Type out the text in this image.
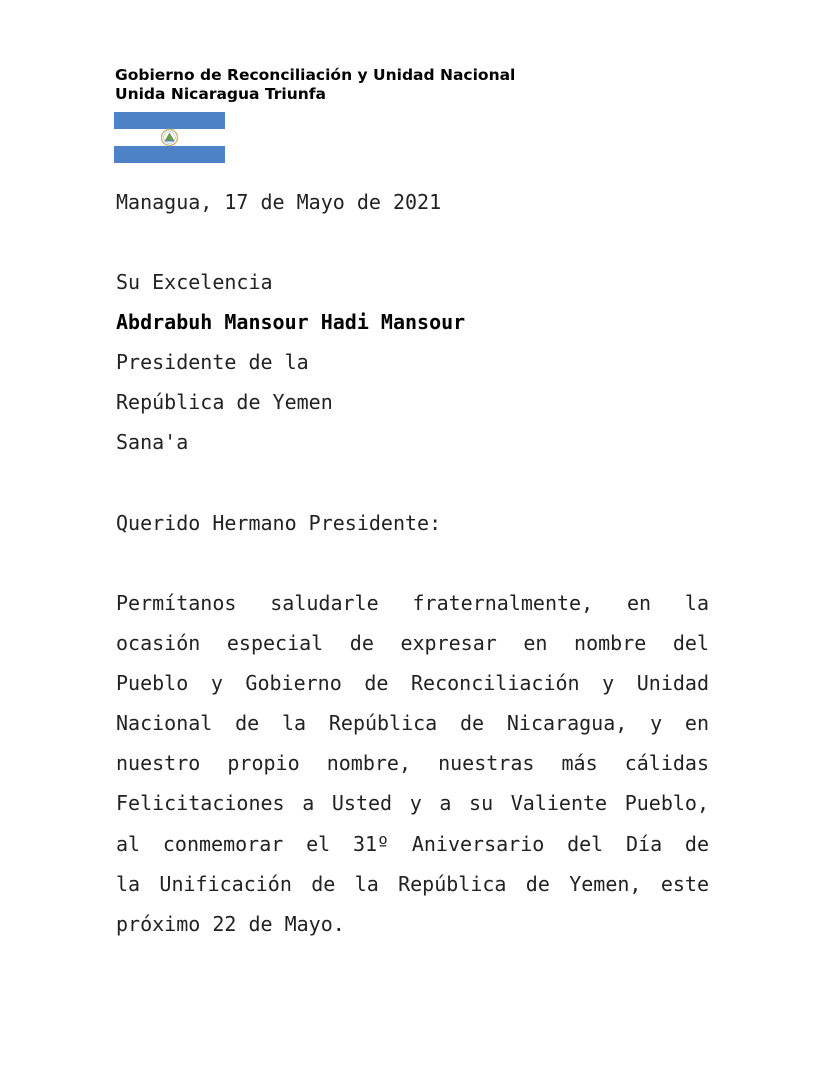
Gobierno de Reconciliación y Unidad Nacional
Unida Nicaragua Triunfa
Managua, 17 de Mayo de 2021
Su Excelencia
Abdrabuh Mansour Hadi Mansour
Presidente de la
República de Yemen
Sana'a
Querido Hermano Presidente:
Permítanos saludarle fraternalmente, en la
ocasión especial de expresar en nombre del
Pueblo y Gobierno de Reconciliación y Unidad
Nacional de la República de Nicaragua, y en
nuestro propio nombre, nuestras más cálidas
Felicitaciones a Usted y a su Valiente Pueblo,
al conmemorar el 31º Aniversario del Día de
la Unificación de la República de Yemen, este
próximo 22 de Mayo.
